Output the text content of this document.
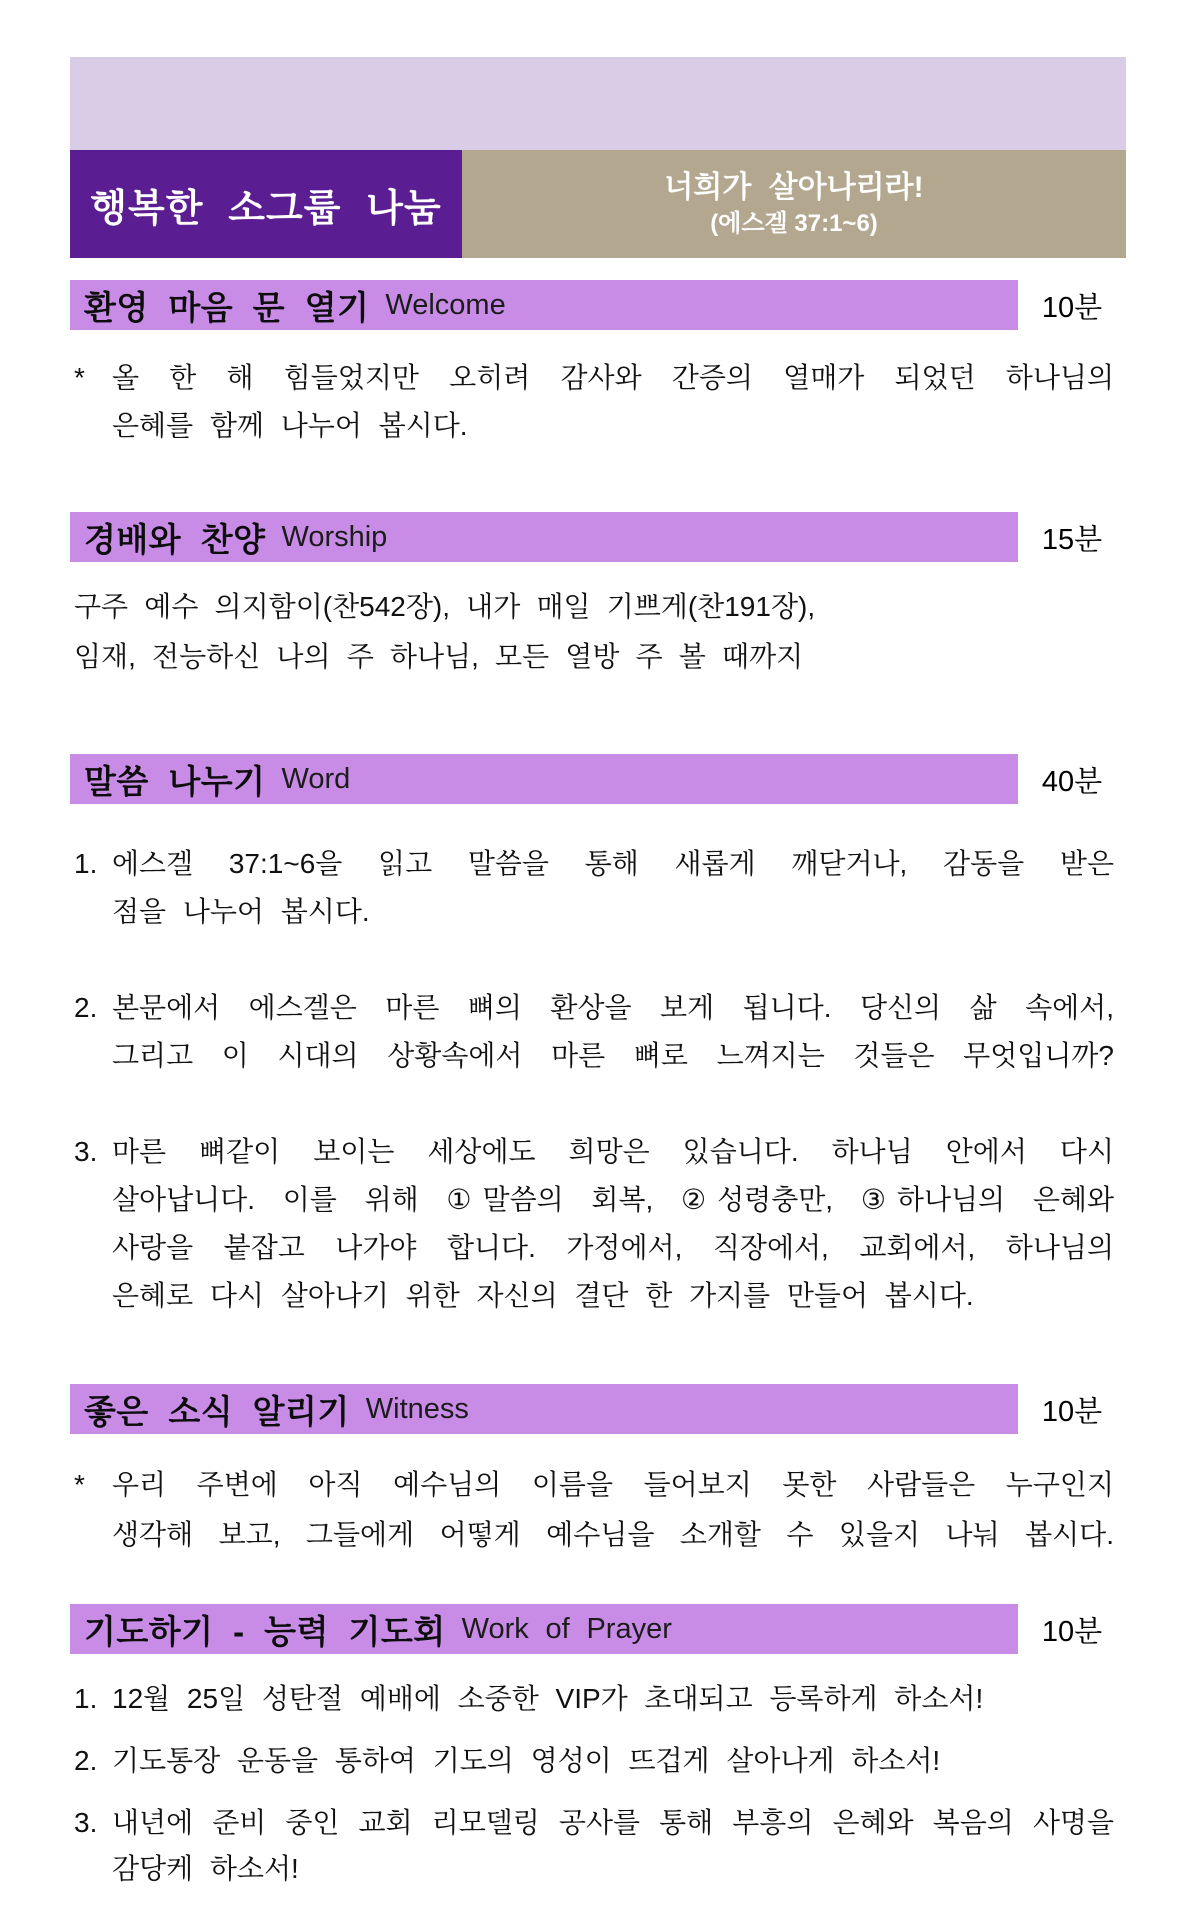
행복한 소그룹 나눔	너희가 살아나리라!
(에스겔 37:1~6)
환영 마음 문 열기 Welcome	10분
* 올 한 해 힘들었지만 오히려 감사와 간증의 열매가 되었던 하나님의
은혜를 함께 나누어 봅시다.
경배와 찬양 Worship	15분
구주 예수 의지함이(찬542장), 내가 매일 기쁘게(찬191장),
임재, 전능하신 나의 주 하나님, 모든 열방 주 볼 때까지
말씀 나누기 Word	40분
1. 에스겔 37:1~6을 읽고 말씀을 통해 새롭게 깨닫거나, 감동을 받은
점을 나누어 봅시다.
2. 본문에서 에스겔은 마른 뼈의 환상을 보게 됩니다. 당신의 삶 속에서,
그리고 이 시대의 상황속에서 마른 뼈로 느껴지는 것들은 무엇입니까?
3. 마른 뼈같이 보이는 세상에도 희망은 있습니다. 하나님 안에서 다시
살아납니다. 이를 위해 ①말씀의 회복, ②성령충만, ③하나님의 은혜와
사랑을 붙잡고 나가야 합니다. 가정에서, 직장에서, 교회에서, 하나님의
은혜로 다시 살아나기 위한 자신의 결단 한 가지를 만들어 봅시다.
좋은 소식 알리기 Witness	10분
* 우리 주변에 아직 예수님의 이름을 들어보지 못한 사람들은 누구인지
생각해 보고, 그들에게 어떻게 예수님을 소개할 수 있을지 나눠 봅시다.
기도하기 - 능력 기도회 Work of Prayer	10분
1. 12월 25일 성탄절 예배에 소중한 VIP가 초대되고 등록하게 하소서!
2. 기도통장 운동을 통하여 기도의 영성이 뜨겁게 살아나게 하소서!
3. 내년에 준비 중인 교회 리모델링 공사를 통해 부흥의 은혜와 복음의 사명을
감당케 하소서!
